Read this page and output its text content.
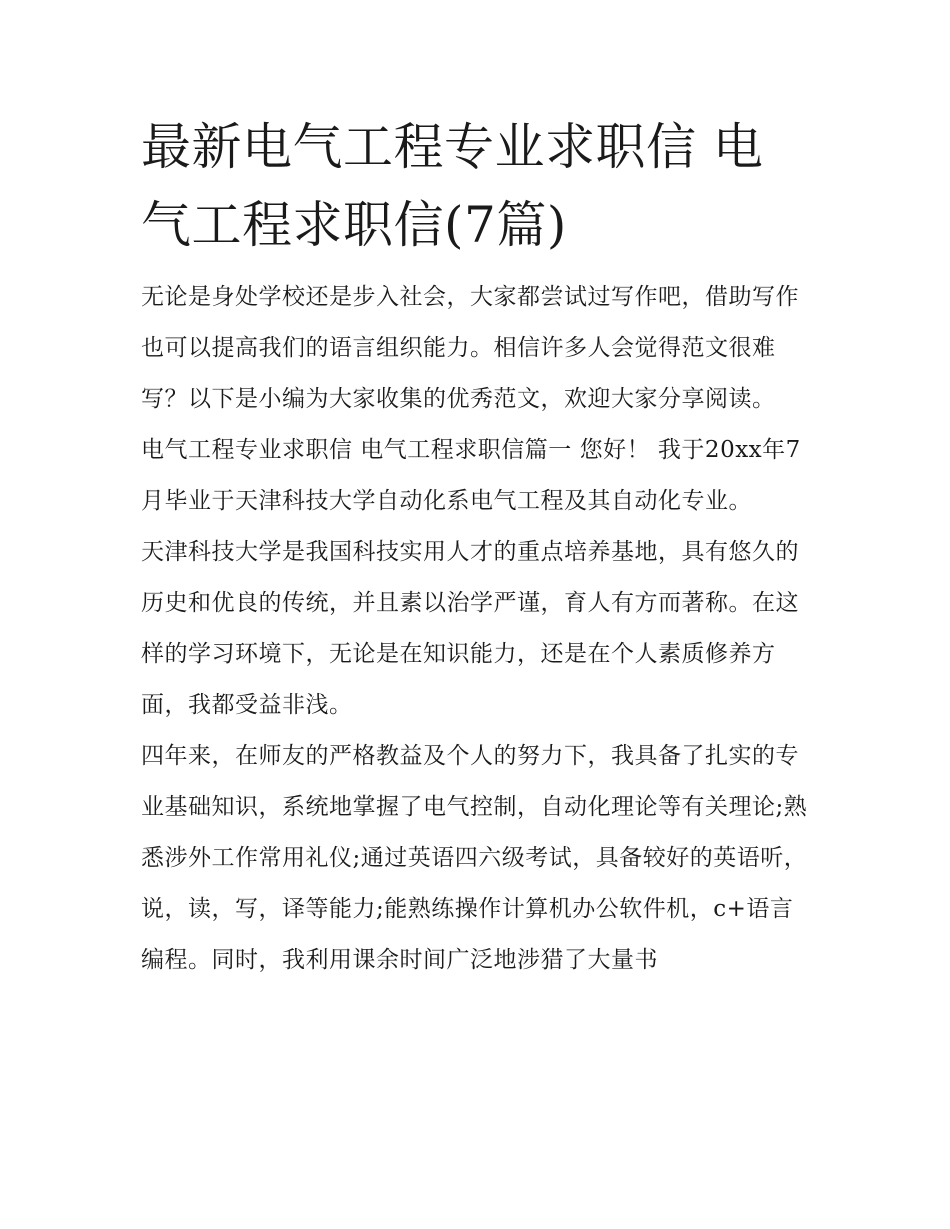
最新电气工程专业求职信 电气工程求职信(7篇)

无论是身处学校还是步入社会，大家都尝试过写作吧，借助写作也可以提高我们的语言组织能力。相信许多人会觉得范文很难写？以下是小编为大家收集的优秀范文，欢迎大家分享阅读。

电气工程专业求职信 电气工程求职信篇一 您好！ 我于20xx年7月毕业于天津科技大学自动化系电气工程及其自动化专业。

天津科技大学是我国科技实用人才的重点培养基地，具有悠久的历史和优良的传统，并且素以治学严谨，育人有方而著称。在这样的学习环境下，无论是在知识能力，还是在个人素质修养方面，我都受益非浅。

四年来，在师友的严格教益及个人的努力下，我具备了扎实的专业基础知识，系统地掌握了电气控制，自动化理论等有关理论;熟悉涉外工作常用礼仪;通过英语四六级考试，具备较好的英语听，说，读，写，译等能力;能熟练操作计算机办公软件机，c+语言编程。同时，我利用课余时间广泛地涉猎了大量书
